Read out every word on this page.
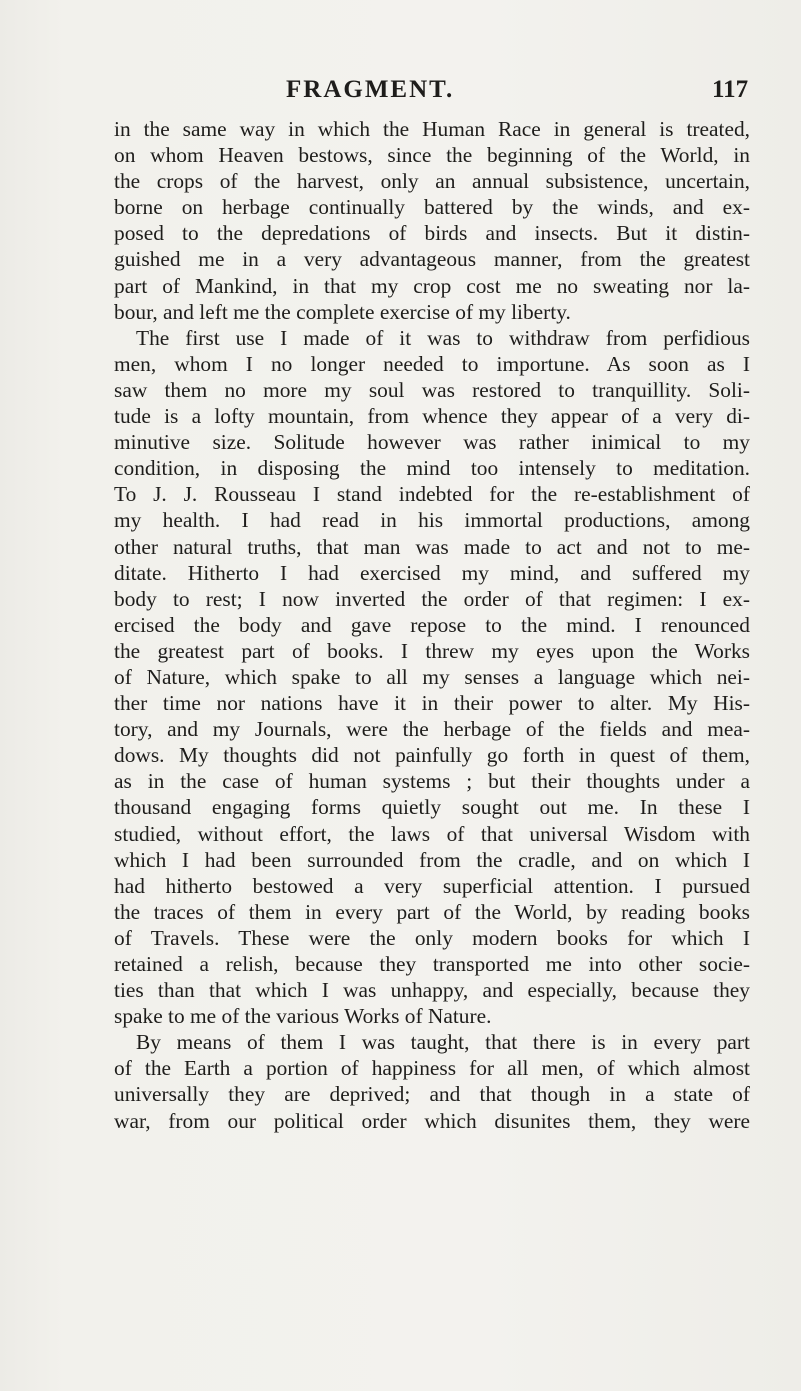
FRAGMENT.	117
in the same way in which the Human Race in general is treated,
on whom Heaven bestows, since the beginning of the World, in
the crops of the harvest, only an annual subsistence, uncertain,
borne on herbage continually battered by the winds, and ex-
posed to the depredations of birds and insects. But it distin-
guished me in a very advantageous manner, from the greatest
part of Mankind, in that my crop cost me no sweating nor la-
bour, and left me the complete exercise of my liberty.
The first use I made of it was to withdraw from perfidious
men, whom I no longer needed to importune. As soon as I
saw them no more my soul was restored to tranquillity. Soli-
tude is a lofty mountain, from whence they appear of a very di-
minutive size. Solitude however was rather inimical to my
condition, in disposing the mind too intensely to meditation.
To J. J. Rousseau I stand indebted for the re-establishment of
my health. I had read in his immortal productions, among
other natural truths, that man was made to act and not to me-
ditate. Hitherto I had exercised my mind, and suffered my
body to rest; I now inverted the order of that regimen: I ex-
ercised the body and gave repose to the mind. I renounced
the greatest part of books. I threw my eyes upon the Works
of Nature, which spake to all my senses a language which nei-
ther time nor nations have it in their power to alter. My His-
tory, and my Journals, were the herbage of the fields and mea-
dows. My thoughts did not painfully go forth in quest of them,
as in the case of human systems ; but their thoughts under a
thousand engaging forms quietly sought out me. In these I
studied, without effort, the laws of that universal Wisdom with
which I had been surrounded from the cradle, and on which I
had hitherto bestowed a very superficial attention. I pursued
the traces of them in every part of the World, by reading books
of Travels. These were the only modern books for which I
retained a relish, because they transported me into other socie-
ties than that which I was unhappy, and especially, because they
spake to me of the various Works of Nature.
By means of them I was taught, that there is in every part
of the Earth a portion of happiness for all men, of which almost
universally they are deprived; and that though in a state of
war, from our political order which disunites them, they were
